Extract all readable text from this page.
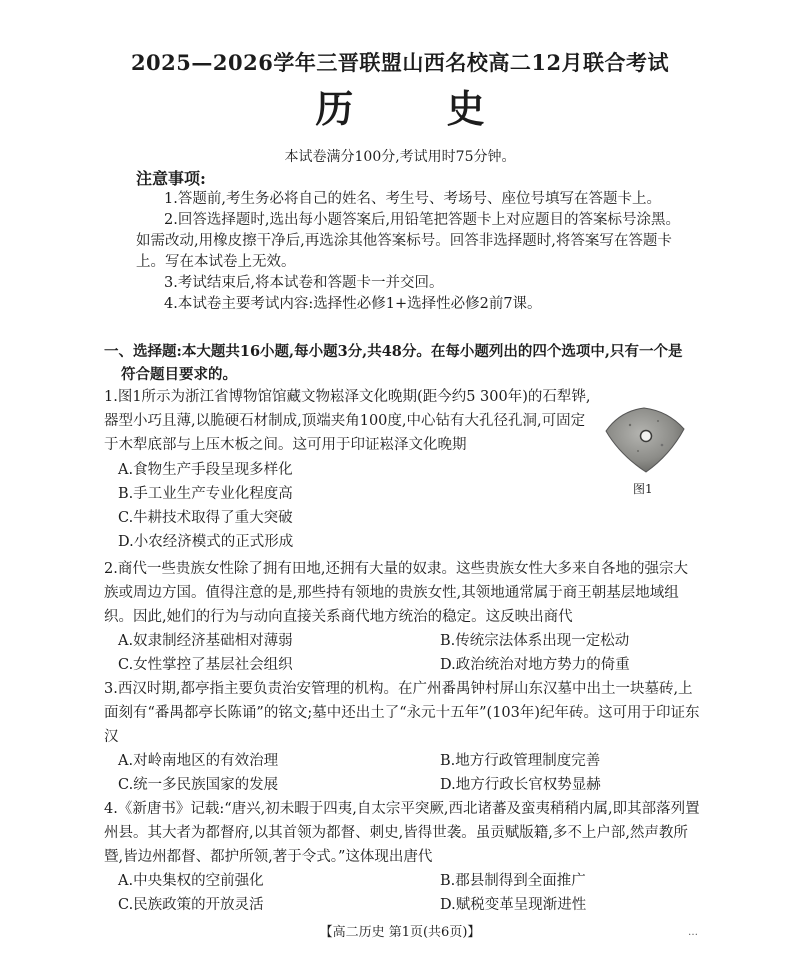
2025—2026学年三晋联盟山西名校高二12月联合考试
历 史
本试卷满分100分,考试用时75分钟。
注意事项:
1.答题前,考生务必将自己的姓名、考生号、考场号、座位号填写在答题卡上。
2.回答选择题时,选出每小题答案后,用铅笔把答题卡上对应题目的答案标号涂黑。如需改动,用橡皮擦干净后,再选涂其他答案标号。回答非选择题时,将答案写在答题卡上。写在本试卷上无效。
3.考试结束后,将本试卷和答题卡一并交回。
4.本试卷主要考试内容:选择性必修1+选择性必修2前7课。
一、选择题:本大题共16小题,每小题3分,共48分。在每小题列出的四个选项中,只有一个是
符合题目要求的。
1.图1所示为浙江省博物馆馆藏文物崧泽文化晚期(距今约5 300年)的石犁铧,器型小巧且薄,以脆硬石材制成,顶端夹角100度,中心钻有大孔径孔洞,可固定于木犁底部与上压木板之间。这可用于印证崧泽文化晚期
A.食物生产手段呈现多样化
B.手工业生产专业化程度高
C.牛耕技术取得了重大突破
D.小农经济模式的正式形成
图1
2.商代一些贵族女性除了拥有田地,还拥有大量的奴隶。这些贵族女性大多来自各地的强宗大族或周边方国。值得注意的是,那些持有领地的贵族女性,其领地通常属于商王朝基层地域组织。因此,她们的行为与动向直接关系商代地方统治的稳定。这反映出商代
A.奴隶制经济基础相对薄弱	B.传统宗法体系出现一定松动
C.女性掌控了基层社会组织	D.政治统治对地方势力的倚重
3.西汉时期,都亭指主要负责治安管理的机构。在广州番禺钟村屏山东汉墓中出土一块墓砖,上面刻有“番禺都亭长陈诵”的铭文;墓中还出土了“永元十五年”(103年)纪年砖。这可用于印证东汉
A.对岭南地区的有效治理	B.地方行政管理制度完善
C.统一多民族国家的发展	D.地方行政长官权势显赫
4.《新唐书》记载:“唐兴,初未暇于四夷,自太宗平突厥,西北诸蕃及蛮夷稍稍内属,即其部落列置州县。其大者为都督府,以其首领为都督、刺史,皆得世袭。虽贡赋版籍,多不上户部,然声教所暨,皆边州都督、都护所领,著于令式。”这体现出唐代
A.中央集权的空前强化	B.郡县制得到全面推广
C.民族政策的开放灵活	D.赋税变革呈现渐进性
【高二历史 第1页(共6页)】	…
